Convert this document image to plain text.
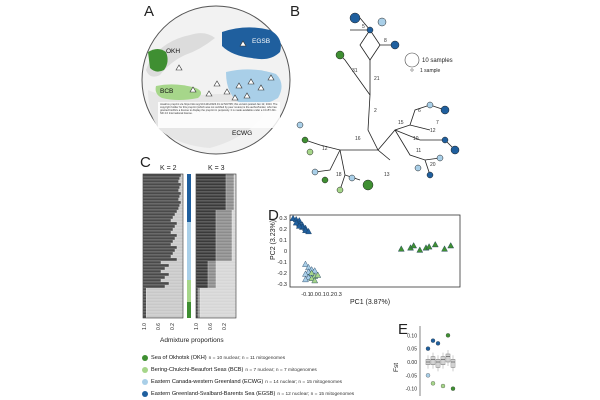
10 samples
1 sample
31
21
2
16
15
12
18
10
12
11
20
6
7
5
8
13
K = 2	K = 3
1.0 0.6 0.2	1.0 0.6 0.2
Admixture proportions
0.3
0.2
0.1
0
-0.1
-0.2
-0.3
-0.1 0.0 0.1 0.2 0.3
PC2 (3.23%)
PC1 (3.87%)
0.10
0.05
0.00
-0.05
-0.10
Fst
A	B
C
D
E
OKH
BCB
EGSB
ECWG
JavaFox preprint via https://doi.org/10.1101/2023.01.12.523795; this version posted Jan 12, 2023. The copyright holder for this preprint (which was not certified by peer review) is the author/funder, who has granted bioRxiv a license to display the preprint in perpetuity. It is made available under a CC-BY-NC-ND 4.0 International license.
Sea of Okhotsk (OKH) n = 10 nuclear; n = 11 mitogenomes
Bering-Chukchi-Beaufort Seas (BCB) n = 7 nuclear; n = 7 mitogenomes
Eastern Canada-western Greenland (ECWG) n = 14 nuclear; n = 15 mitogenomes
Eastern Greenland-Svalbard-Barents Sea (EGSB) n = 12 nuclear; n = 15 mitogenomes
